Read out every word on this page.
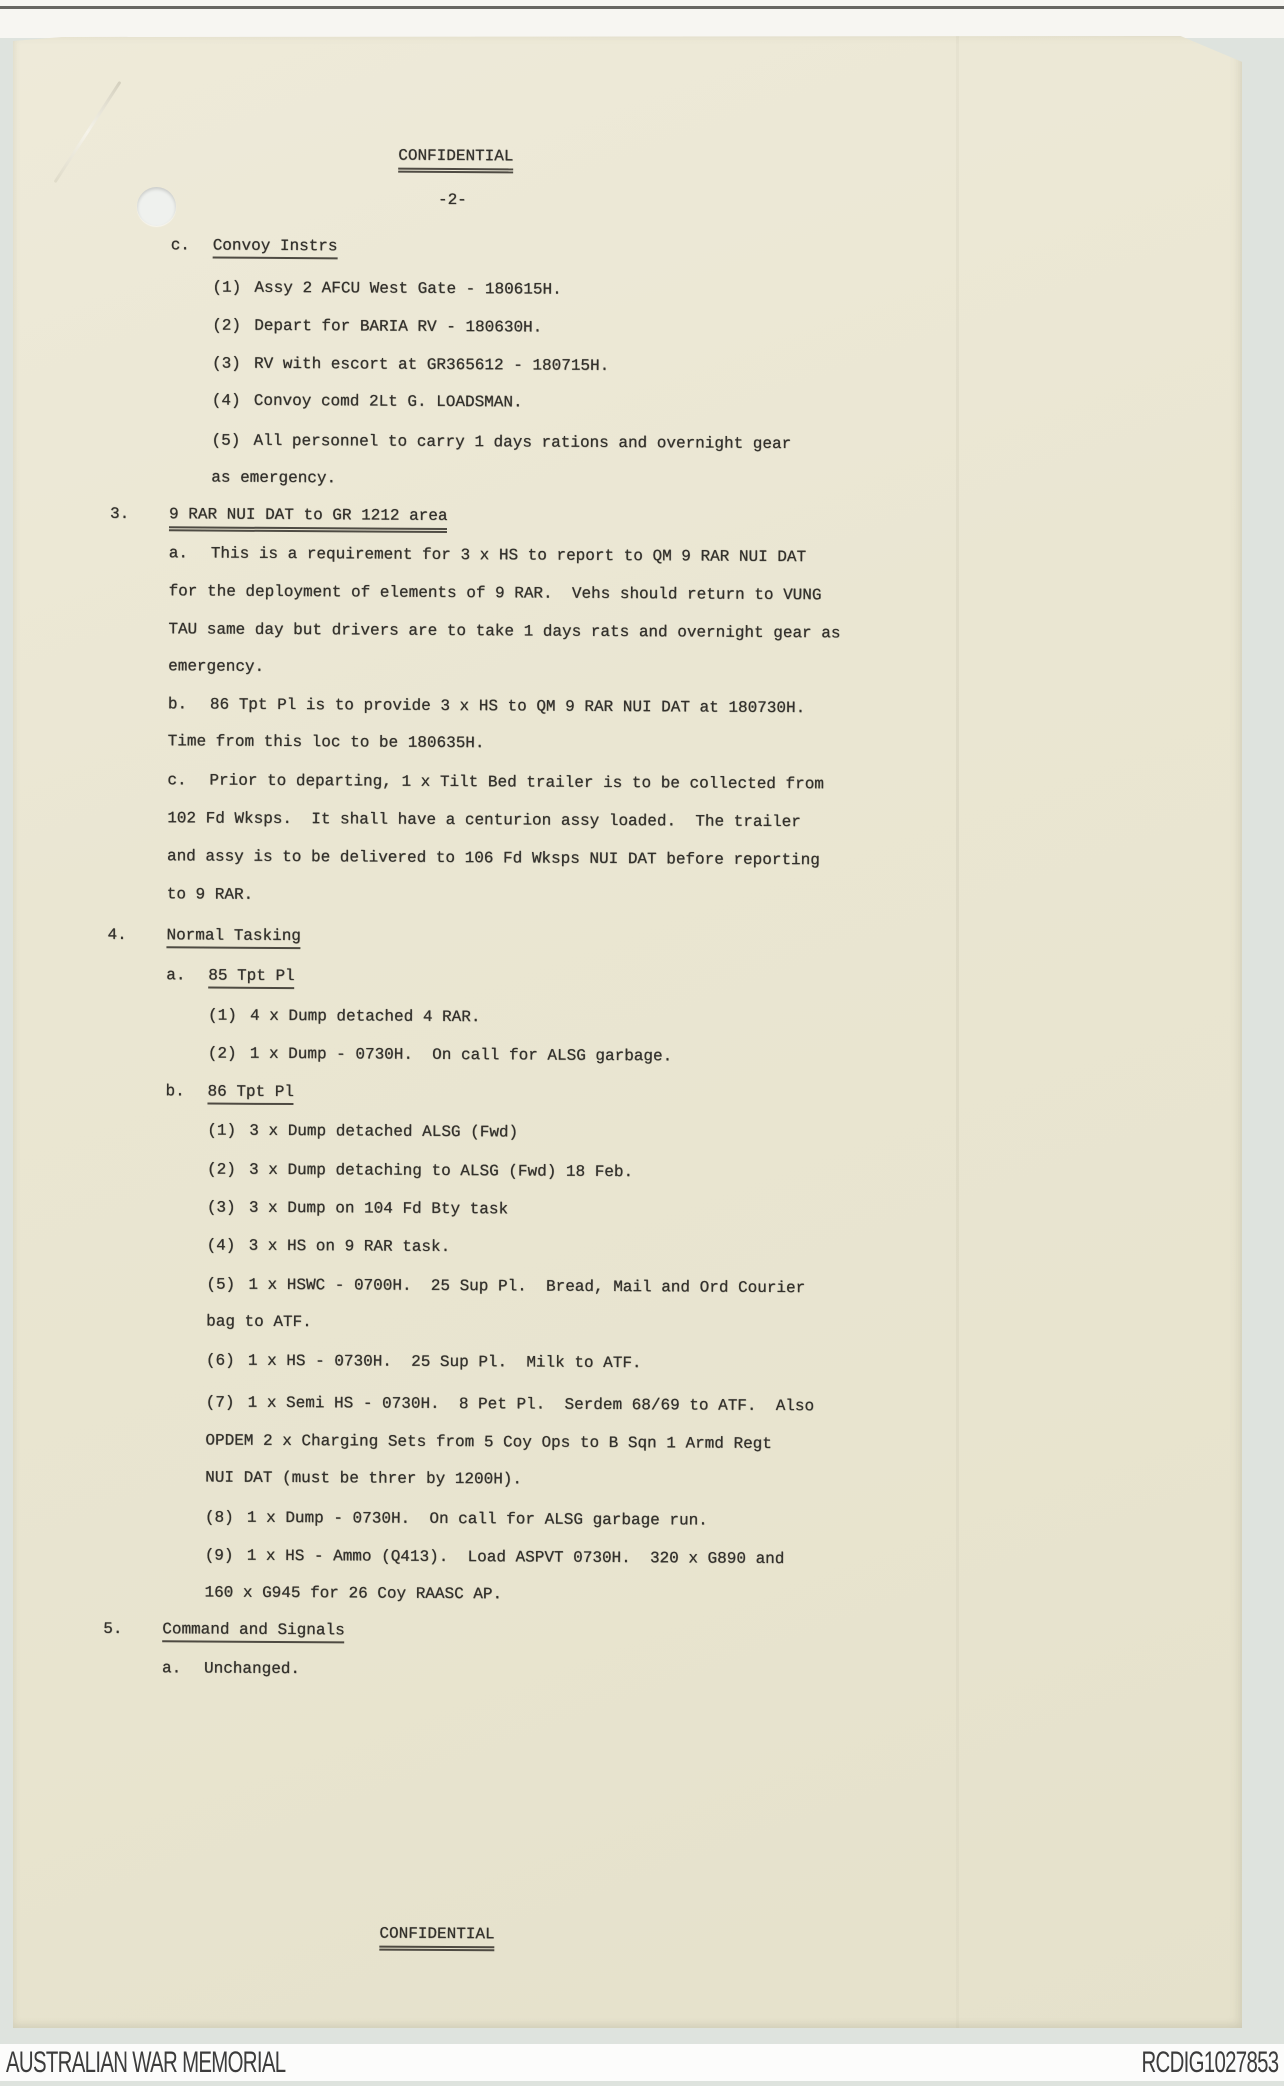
CONFIDENTIAL
-2-
c. Convoy Instrs
(1) Assy 2 AFCU West Gate - 180615H.
(2) Depart for BARIA RV - 180630H.
(3) RV with escort at GR365612 - 180715H.
(4) Convoy comd 2Lt G. LOADSMAN.
(5) All personnel to carry 1 days rations and overnight gear
as emergency.
3. 9 RAR NUI DAT to GR 1212 area
a. This is a requirement for 3 x HS to report to QM 9 RAR NUI DAT
for the deployment of elements of 9 RAR.  Vehs should return to VUNG
TAU same day but drivers are to take 1 days rats and overnight gear as
emergency.
b. 86 Tpt Pl is to provide 3 x HS to QM 9 RAR NUI DAT at 180730H.
Time from this loc to be 180635H.
c. Prior to departing, 1 x Tilt Bed trailer is to be collected from
102 Fd Wksps.  It shall have a centurion assy loaded.  The trailer
and assy is to be delivered to 106 Fd Wksps NUI DAT before reporting
to 9 RAR.
4. Normal Tasking
a. 85 Tpt Pl
(1) 4 x Dump detached 4 RAR.
(2) 1 x Dump - 0730H.  On call for ALSG garbage.
b. 86 Tpt Pl
(1) 3 x Dump detached ALSG (Fwd)
(2) 3 x Dump detaching to ALSG (Fwd) 18 Feb.
(3) 3 x Dump on 104 Fd Bty task
(4) 3 x HS on 9 RAR task.
(5) 1 x HSWC - 0700H.  25 Sup Pl.  Bread, Mail and Ord Courier
bag to ATF.
(6) 1 x HS - 0730H.  25 Sup Pl.  Milk to ATF.
(7) 1 x Semi HS - 0730H.  8 Pet Pl.  Serdem 68/69 to ATF.  Also
OPDEM 2 x Charging Sets from 5 Coy Ops to B Sqn 1 Armd Regt
NUI DAT (must be threr by 1200H).
(8) 1 x Dump - 0730H.  On call for ALSG garbage run.
(9) 1 x HS - Ammo (Q413).  Load ASPVT 0730H.  320 x G890 and
160 x G945 for 26 Coy RAASC AP.
5. Command and Signals
a. Unchanged.
CONFIDENTIAL
AUSTRALIAN WAR MEMORIAL	RCDIG1027853
